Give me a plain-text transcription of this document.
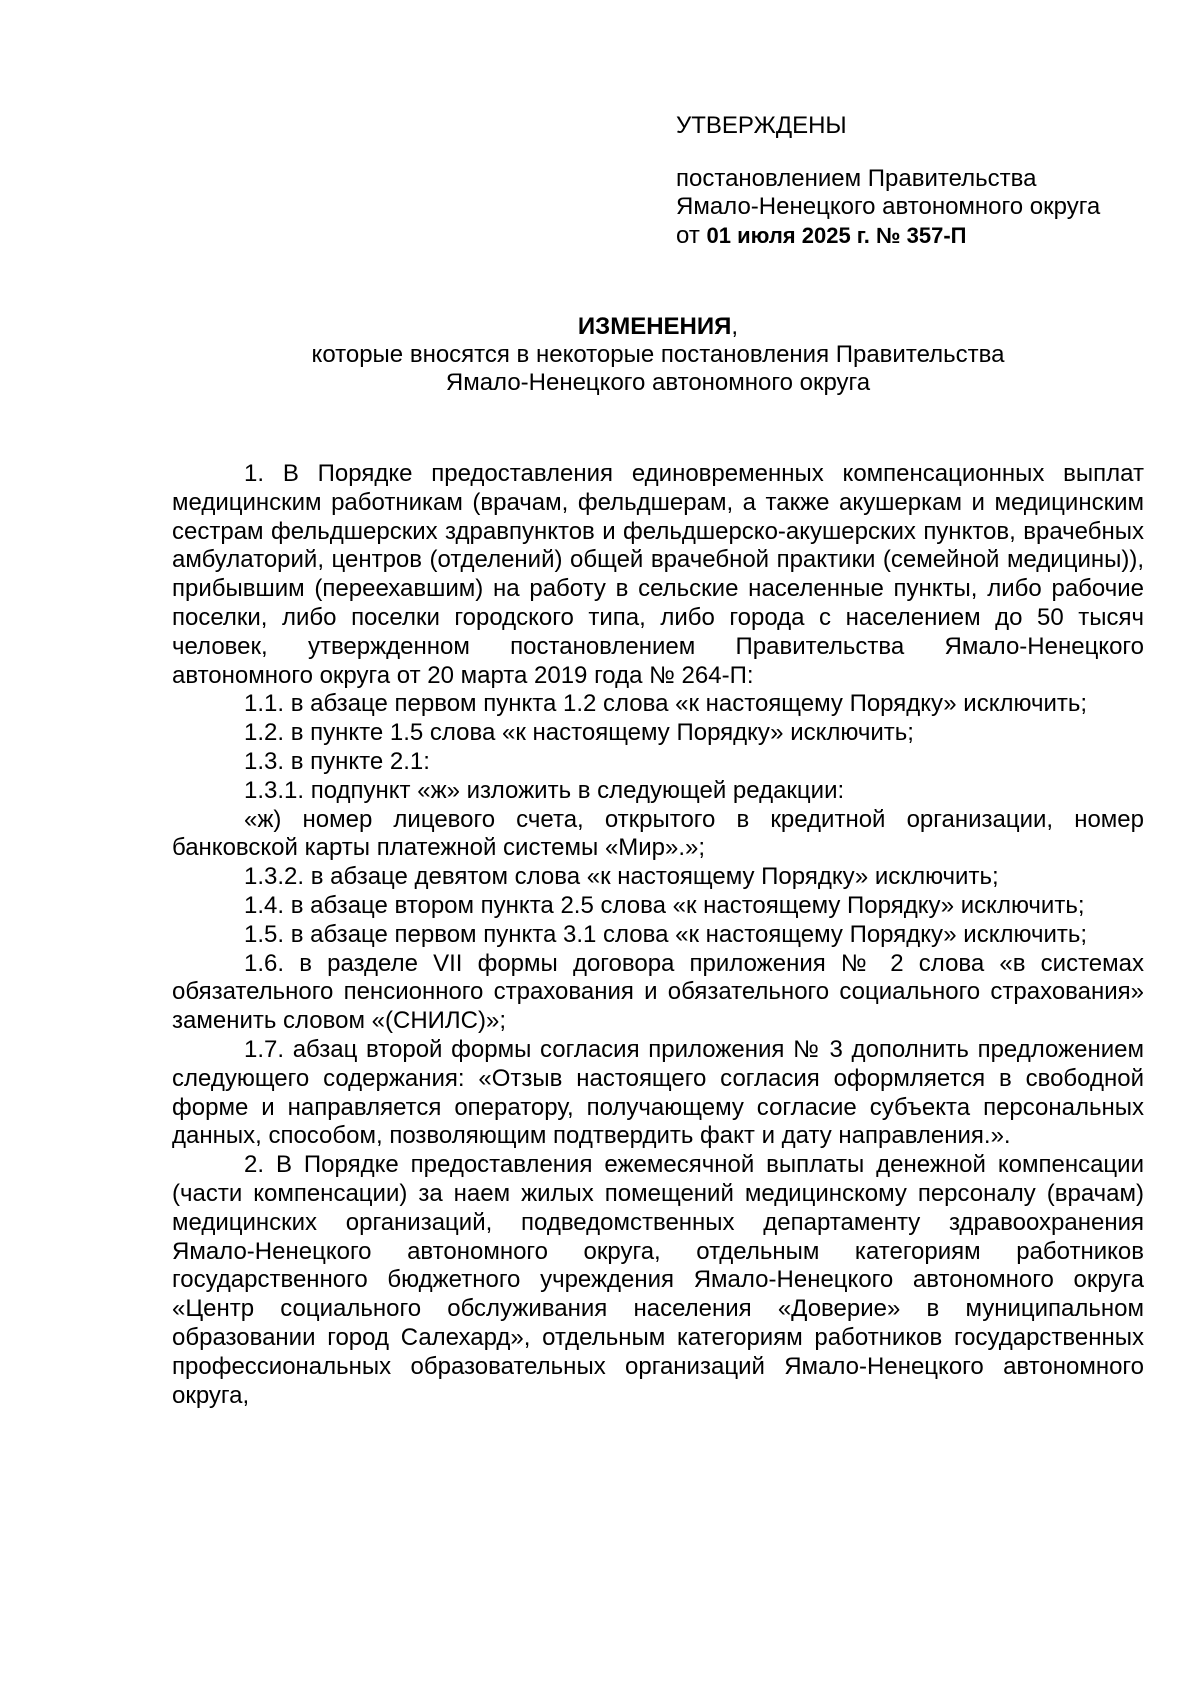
УТВЕРЖДЕНЫ

постановлением Правительства

Ямало-Ненецкого автономного округа

от 01 июля 2025 г. № 357-П

ИЗМЕНЕНИЯ,

которые вносятся в некоторые постановления Правительства

Ямало-Ненецкого автономного округа

1. В Порядке предоставления единовременных компенсационных выплат медицинским работникам (врачам, фельдшерам, а также акушеркам и медицинским сестрам фельдшерских здравпунктов и фельдшерско-акушерских пунктов, врачебных амбулаторий, центров (отделений) общей врачебной практики (семейной медицины)), прибывшим (переехавшим) на работу в сельские населенные пункты, либо рабочие поселки, либо поселки городского типа, либо города с населением до 50 тысяч человек, утвержденном постановлением Правительства Ямало-Ненецкого автономного округа от 20 марта 2019 года № 264-П:

1.1. в абзаце первом пункта 1.2 слова «к настоящему Порядку» исключить;

1.2. в пункте 1.5 слова «к настоящему Порядку» исключить;

1.3. в пункте 2.1:

1.3.1. подпункт «ж» изложить в следующей редакции:

«ж) номер лицевого счета, открытого в кредитной организации, номер банковской карты платежной системы «Мир».»;

1.3.2. в абзаце девятом слова «к настоящему Порядку» исключить;

1.4. в абзаце втором пункта 2.5 слова «к настоящему Порядку» исключить;

1.5. в абзаце первом пункта 3.1 слова «к настоящему Порядку» исключить;

1.6. в разделе VII формы договора приложения № 2 слова «в системах обязательного пенсионного страхования и обязательного социального страхования» заменить словом «(СНИЛС)»;

1.7. абзац второй формы согласия приложения № 3 дополнить предложением следующего содержания: «Отзыв настоящего согласия оформляется в свободной форме и направляется оператору, получающему согласие субъекта персональных данных, способом, позволяющим подтвердить факт и дату направления.».

2. В Порядке предоставления ежемесячной выплаты денежной компенсации (части компенсации) за наем жилых помещений медицинскому персоналу (врачам) медицинских организаций, подведомственных департаменту здравоохранения Ямало-Ненецкого автономного округа, отдельным категориям работников государственного бюджетного учреждения Ямало-Ненецкого автономного округа «Центр социального обслуживания населения «Доверие» в муниципальном образовании город Салехард», отдельным категориям работников государственных профессиональных образовательных организаций Ямало-Ненецкого автономного округа,
